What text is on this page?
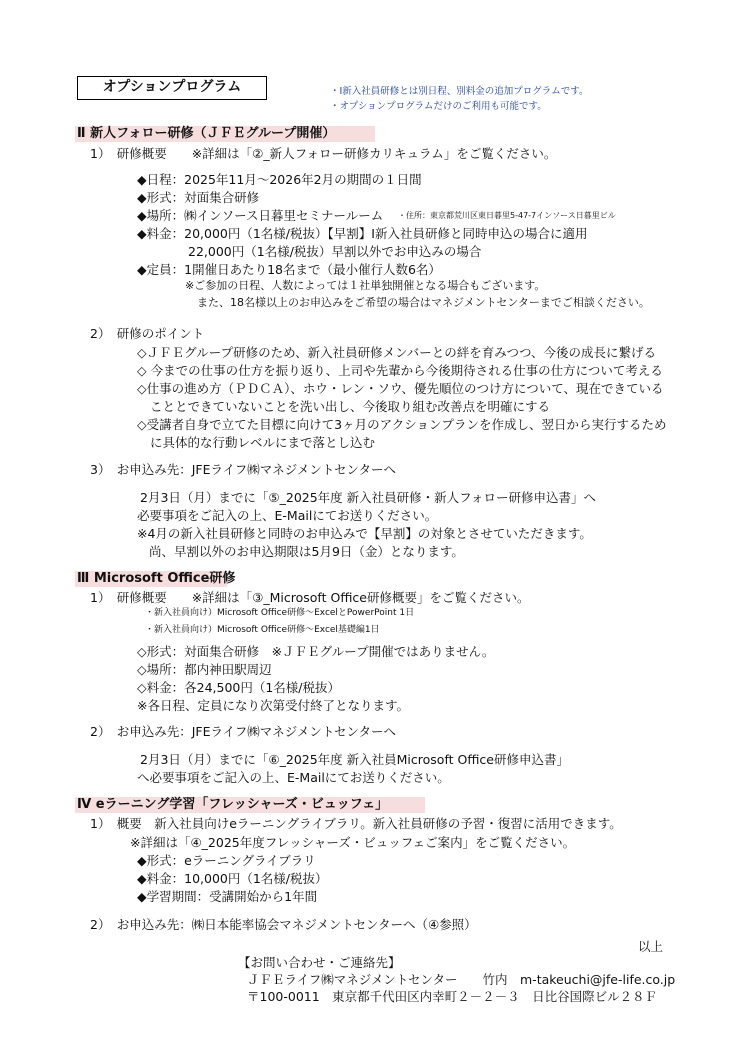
オプションプログラム	・Ⅰ新入社員研修とは別日程、別料金の追加プログラムです。
・オプションプログラムだけのご利用も可能です。
Ⅱ 新人フォロー研修（ＪＦＥグループ開催）
1）　研修概要　　※詳細は「②_新人フォロー研修カリキュラム」をご覧ください。
◆日程：2025年11月～2026年2月の期間の１日間
◆形式：対面集合研修
◆場所：㈱インソース日暮里セミナールーム ・住所：東京都荒川区東日暮里5-47-7インソース日暮里ビル
◆料金：20,000円（1名様/税抜）【早割】Ⅰ新入社員研修と同時申込の場合に適用
22,000円（1名様/税抜）早割以外でお申込みの場合
◆定員：1開催日あたり18名まで（最小催行人数6名）
※ご参加の日程、人数によっては１社単独開催となる場合もございます。
また、18名様以上のお申込みをご希望の場合はマネジメントセンターまでご相談ください。
2）　研修のポイント
◇ＪＦＥグループ研修のため、新入社員研修メンバーとの絆を育みつつ、今後の成長に繋げる
◇ 今までの仕事の仕方を振り返り、上司や先輩から今後期待される仕事の仕方について考える
◇仕事の進め方（ＰＤＣＡ）、ホウ・レン・ソウ、優先順位のつけ方について、現在できている
こととできていないことを洗い出し、今後取り組む改善点を明確にする
◇受講者自身で立てた目標に向けて3ヶ月のアクションプランを作成し、翌日から実行するため
に具体的な行動レベルにまで落とし込む
3）　お申込み先：JFEライフ㈱マネジメントセンターへ
2月3日（月）までに「⑤_2025年度 新入社員研修・新人フォロー研修申込書」へ
必要事項をご記入の上、E-Mailにてお送りください。
※4月の新入社員研修と同時のお申込みで【早割】の対象とさせていただきます。
尚、早割以外のお申込期限は5月9日（金）となります。
Ⅲ Microsoft Office研修
1）　研修概要　　※詳細は「③_Microsoft Office研修概要」をご覧ください。
・新入社員向け）Microsoft Office研修～ExcelとPowerPoint 1日
・新入社員向け）Microsoft Office研修～Excel基礎編1日
◇形式：対面集合研修　※ＪＦＥグループ開催ではありません。
◇場所：都内神田駅周辺
◇料金：各24,500円（1名様/税抜）
※各日程、定員になり次第受付終了となります。
2）　お申込み先：JFEライフ㈱マネジメントセンターへ
2月3日（月）までに「⑥_2025年度 新入社員Microsoft Office研修申込書」
へ必要事項をご記入の上、E-Mailにてお送りください。
Ⅳ eラーニング学習「フレッシャーズ・ビュッフェ」
1）　概要　新入社員向けeラーニングライブラリ。新入社員研修の予習・復習に活用できます。
※詳細は「④_2025年度フレッシャーズ・ビュッフェご案内」をご覧ください。
◆形式：eラーニングライブラリ
◆料金：10,000円（1名様/税抜）
◆学習期間：受講開始から1年間
2）　お申込み先：㈱日本能率協会マネジメントセンターへ（④参照）
以上
【お問い合わせ・ご連絡先】
ＪＦＥライフ㈱マネジメントセンター　　竹内　m-takeuchi@jfe-life.co.jp
〒100-0011　東京都千代田区内幸町２－２－３　日比谷国際ビル２８Ｆ
